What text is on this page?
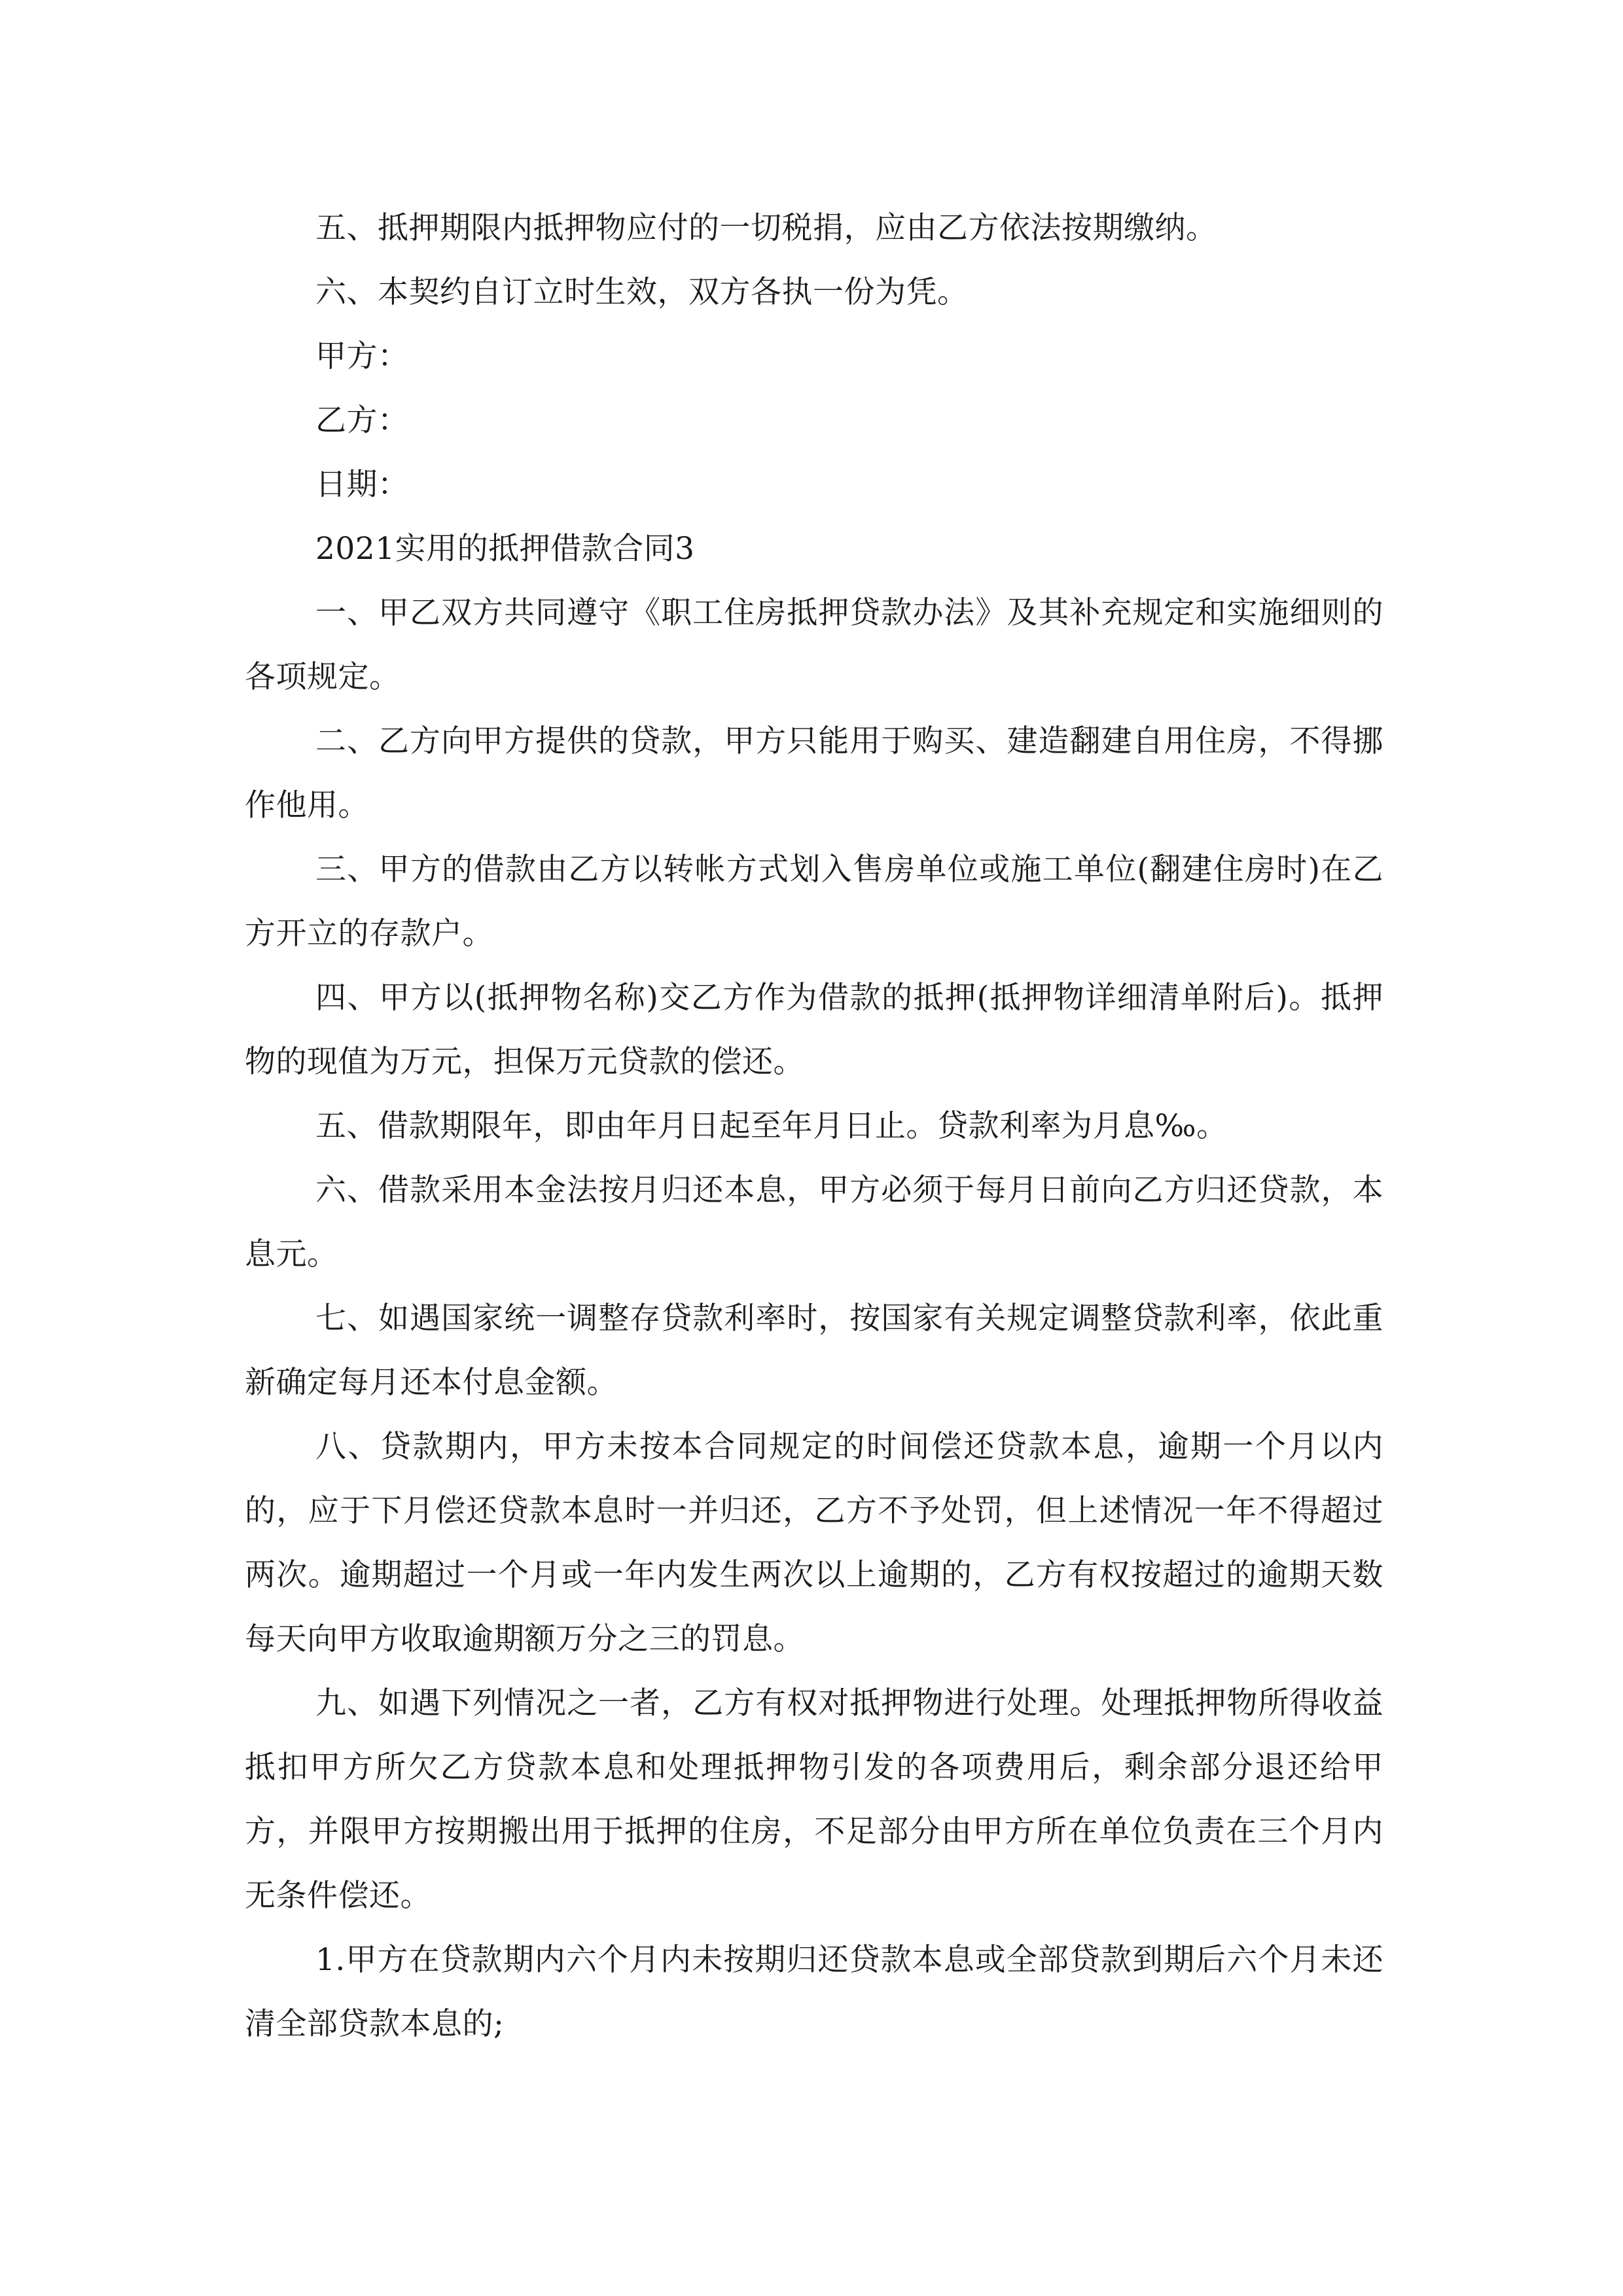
五、抵押期限内抵押物应付的一切税捐，应由乙方依法按期缴纳。

六、本契约自订立时生效，双方各执一份为凭。

甲方：

乙方：

日期：

2021实用的抵押借款合同3

一、甲乙双方共同遵守《职工住房抵押贷款办法》及其补充规定和实施细则的各项规定。

二、乙方向甲方提供的贷款，甲方只能用于购买、建造翻建自用住房，不得挪作他用。

三、甲方的借款由乙方以转帐方式划入售房单位或施工单位(翻建住房时)在乙方开立的存款户。

四、甲方以(抵押物名称)交乙方作为借款的抵押(抵押物详细清单附后)。抵押物的现值为万元，担保万元贷款的偿还。

五、借款期限年，即由年月日起至年月日止。贷款利率为月息‰。

六、借款采用本金法按月归还本息，甲方必须于每月日前向乙方归还贷款，本息元。

七、如遇国家统一调整存贷款利率时，按国家有关规定调整贷款利率，依此重新确定每月还本付息金额。

八、贷款期内，甲方未按本合同规定的时间偿还贷款本息，逾期一个月以内的，应于下月偿还贷款本息时一并归还，乙方不予处罚，但上述情况一年不得超过两次。逾期超过一个月或一年内发生两次以上逾期的，乙方有权按超过的逾期天数每天向甲方收取逾期额万分之三的罚息。

九、如遇下列情况之一者，乙方有权对抵押物进行处理。处理抵押物所得收益抵扣甲方所欠乙方贷款本息和处理抵押物引发的各项费用后，剩余部分退还给甲方，并限甲方按期搬出用于抵押的住房，不足部分由甲方所在单位负责在三个月内无条件偿还。

1.甲方在贷款期内六个月内未按期归还贷款本息或全部贷款到期后六个月未还清全部贷款本息的;
